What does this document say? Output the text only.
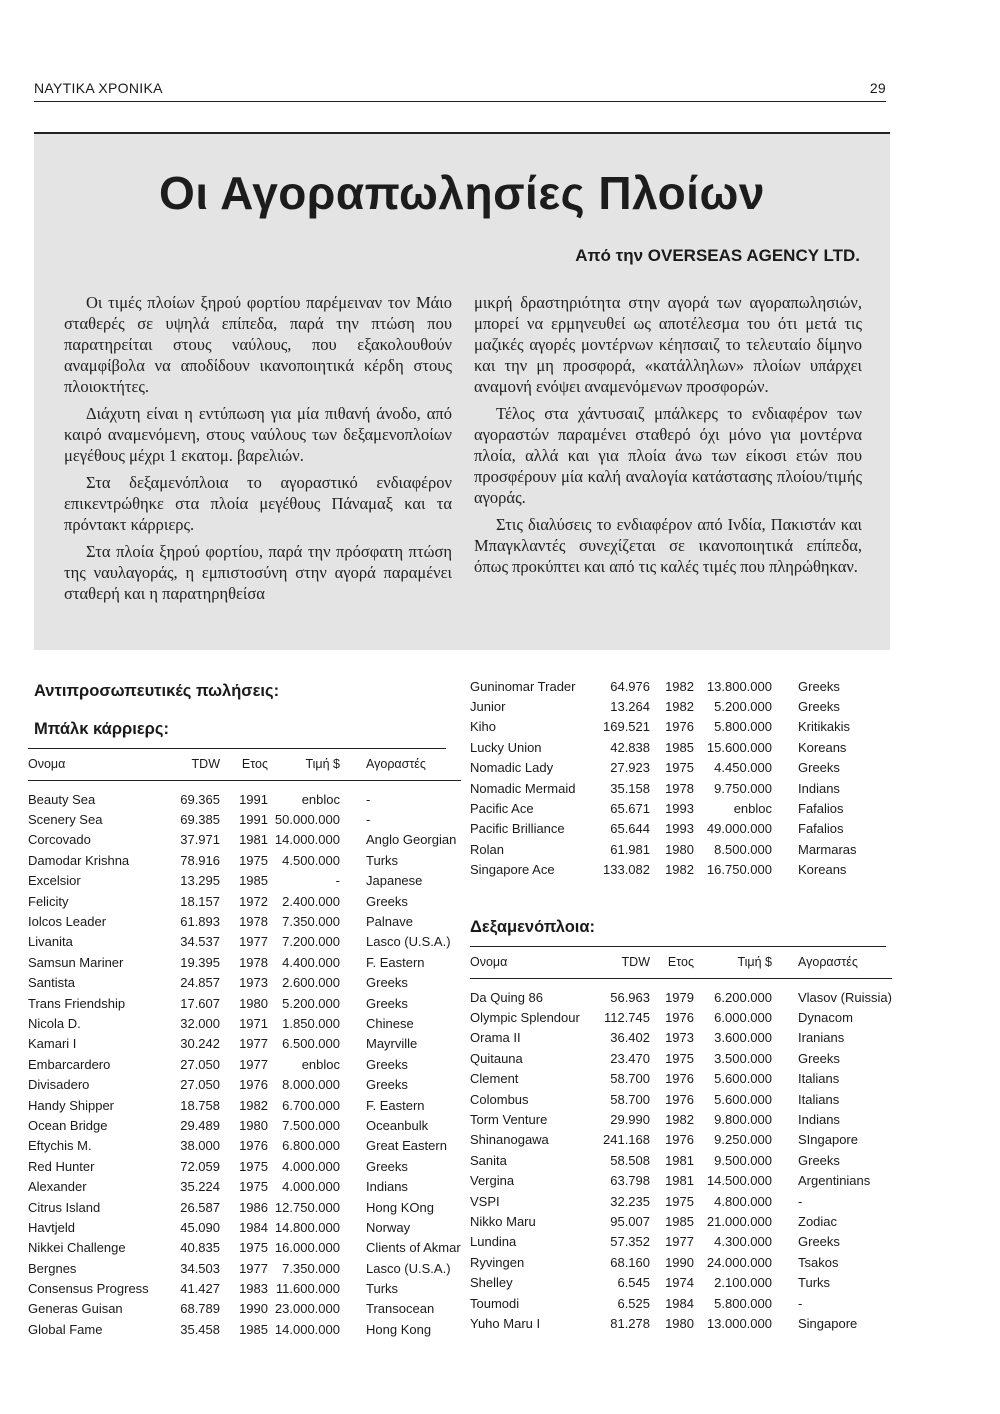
ΝΑΥΤΙΚΑ ΧΡΟΝΙΚΑ	29
Οι Αγοραπωλησίες Πλοίων
Από την OVERSEAS AGENCY LTD.

Οι τιμές πλοίων ξηρού φορτίου παρέμειναν τον Μάιο σταθερές σε υψηλά επίπεδα, παρά την πτώση που παρατηρείται στους ναύλους, που εξακολουθούν αναμφίβολα να αποδίδουν ικανοποιητικά κέρδη στους πλοιοκτήτες.

Διάχυτη είναι η εντύπωση για μία πιθανή άνοδο, από καιρό αναμενόμενη, στους ναύλους των δεξαμενοπλοίων μεγέθους μέχρι 1 εκατομ. βαρελιών.

Στα δεξαμενόπλοια το αγοραστικό ενδιαφέρον επικεντρώθηκε στα πλοία μεγέθους Πάναμαξ και τα πρόντακτ κάρριερς.

Στα πλοία ξηρού φορτίου, παρά την πρόσφατη πτώση της ναυλαγοράς, η εμπιστοσύνη στην αγορά παραμένει σταθερή και η παρατηρηθείσα

μικρή δραστηριότητα στην αγορά των αγοραπωλησιών, μπορεί να ερμηνευθεί ως αποτέλεσμα του ότι μετά τις μαζικές αγορές μοντέρνων κέηπσαιζ το τελευταίο δίμηνο και την μη προσφορά, «κατάλληλων» πλοίων υπάρχει αναμονή ενόψει αναμενόμενων προσφορών.

Τέλος στα χάντυσαιζ μπάλκερς το ενδιαφέρον των αγοραστών παραμένει σταθερό όχι μόνο για μοντέρνα πλοία, αλλά και για πλοία άνω των είκοσι ετών που προσφέρουν μία καλή αναλογία κατάστασης πλοίου/τιμής αγοράς.

Στις διαλύσεις το ενδιαφέρον από Ινδία, Πακιστάν και Μπαγκλαντές συνεχίζεται σε ικανοποιητικά επίπεδα, όπως προκύπτει και από τις καλές τιμές που πληρώθηκαν.

Αντιπροσωπευτικές πωλήσεις:
Μπάλκ κάρριερς:
Ονομα	TDW	Ετος	Τιμή $	Αγοραστές

Beauty Sea	69.365	1991	enbloc	-
Scenery Sea	69.385	1991	50.000.000	-
Corcovado	37.971	1981	14.000.000	Anglo Georgian
Damodar Krishna	78.916	1975	4.500.000	Turks
Excelsior	13.295	1985	-	Japanese
Felicity	18.157	1972	2.400.000	Greeks
Iolcos Leader	61.893	1978	7.350.000	Palnave
Livanita	34.537	1977	7.200.000	Lasco (U.S.A.)
Samsun Mariner	19.395	1978	4.400.000	F. Eastern
Santista	24.857	1973	2.600.000	Greeks
Trans Friendship	17.607	1980	5.200.000	Greeks
Nicola D.	32.000	1971	1.850.000	Chinese
Kamari I	30.242	1977	6.500.000	Mayrville
Embarcardero	27.050	1977	enbloc	Greeks
Divisadero	27.050	1976	8.000.000	Greeks
Handy Shipper	18.758	1982	6.700.000	F. Eastern
Ocean Bridge	29.489	1980	7.500.000	Oceanbulk
Eftychis M.	38.000	1976	6.800.000	Great Eastern
Red Hunter	72.059	1975	4.000.000	Greeks
Alexander	35.224	1975	4.000.000	Indians
Citrus Island	26.587	1986	12.750.000	Hong KOng
Havtjeld	45.090	1984	14.800.000	Norway
Nikkei Challenge	40.835	1975	16.000.000	Clients of Akmar
Bergnes	34.503	1977	7.350.000	Lasco (U.S.A.)
Consensus Progress	41.427	1983	11.600.000	Turks
Generas Guisan	68.789	1990	23.000.000	Transocean
Global Fame	35.458	1985	14.000.000	Hong Kong
Guninomar Trader	64.976	1982	13.800.000	Greeks
Junior	13.264	1982	5.200.000	Greeks
Kiho	169.521	1976	5.800.000	Kritikakis
Lucky Union	42.838	1985	15.600.000	Koreans
Nomadic Lady	27.923	1975	4.450.000	Greeks
Nomadic Mermaid	35.158	1978	9.750.000	Indians
Pacific Ace	65.671	1993	enbloc	Fafalios
Pacific Brilliance	65.644	1993	49.000.000	Fafalios
Rolan	61.981	1980	8.500.000	Marmaras
Singapore Ace	133.082	1982	16.750.000	Koreans
Δεξαμενόπλοια:
Ονομα	TDW	Ετος	Τιμή $	Αγοραστές

Da Quing 86	56.963	1979	6.200.000	Vlasov (Ruissia)
Olympic Splendour	112.745	1976	6.000.000	Dynacom
Orama II	36.402	1973	3.600.000	Iranians
Quitauna	23.470	1975	3.500.000	Greeks
Clement	58.700	1976	5.600.000	Italians
Colombus	58.700	1976	5.600.000	Italians
Torm Venture	29.990	1982	9.800.000	Indians
Shinanogawa	241.168	1976	9.250.000	SIngapore
Sanita	58.508	1981	9.500.000	Greeks
Vergina	63.798	1981	14.500.000	Argentinians
VSPI	32.235	1975	4.800.000	-
Nikko Maru	95.007	1985	21.000.000	Zodiac
Lundina	57.352	1977	4.300.000	Greeks
Ryvingen	68.160	1990	24.000.000	Tsakos
Shelley	6.545	1974	2.100.000	Turks
Toumodi	6.525	1984	5.800.000	-
Yuho Maru I	81.278	1980	13.000.000	Singapore
